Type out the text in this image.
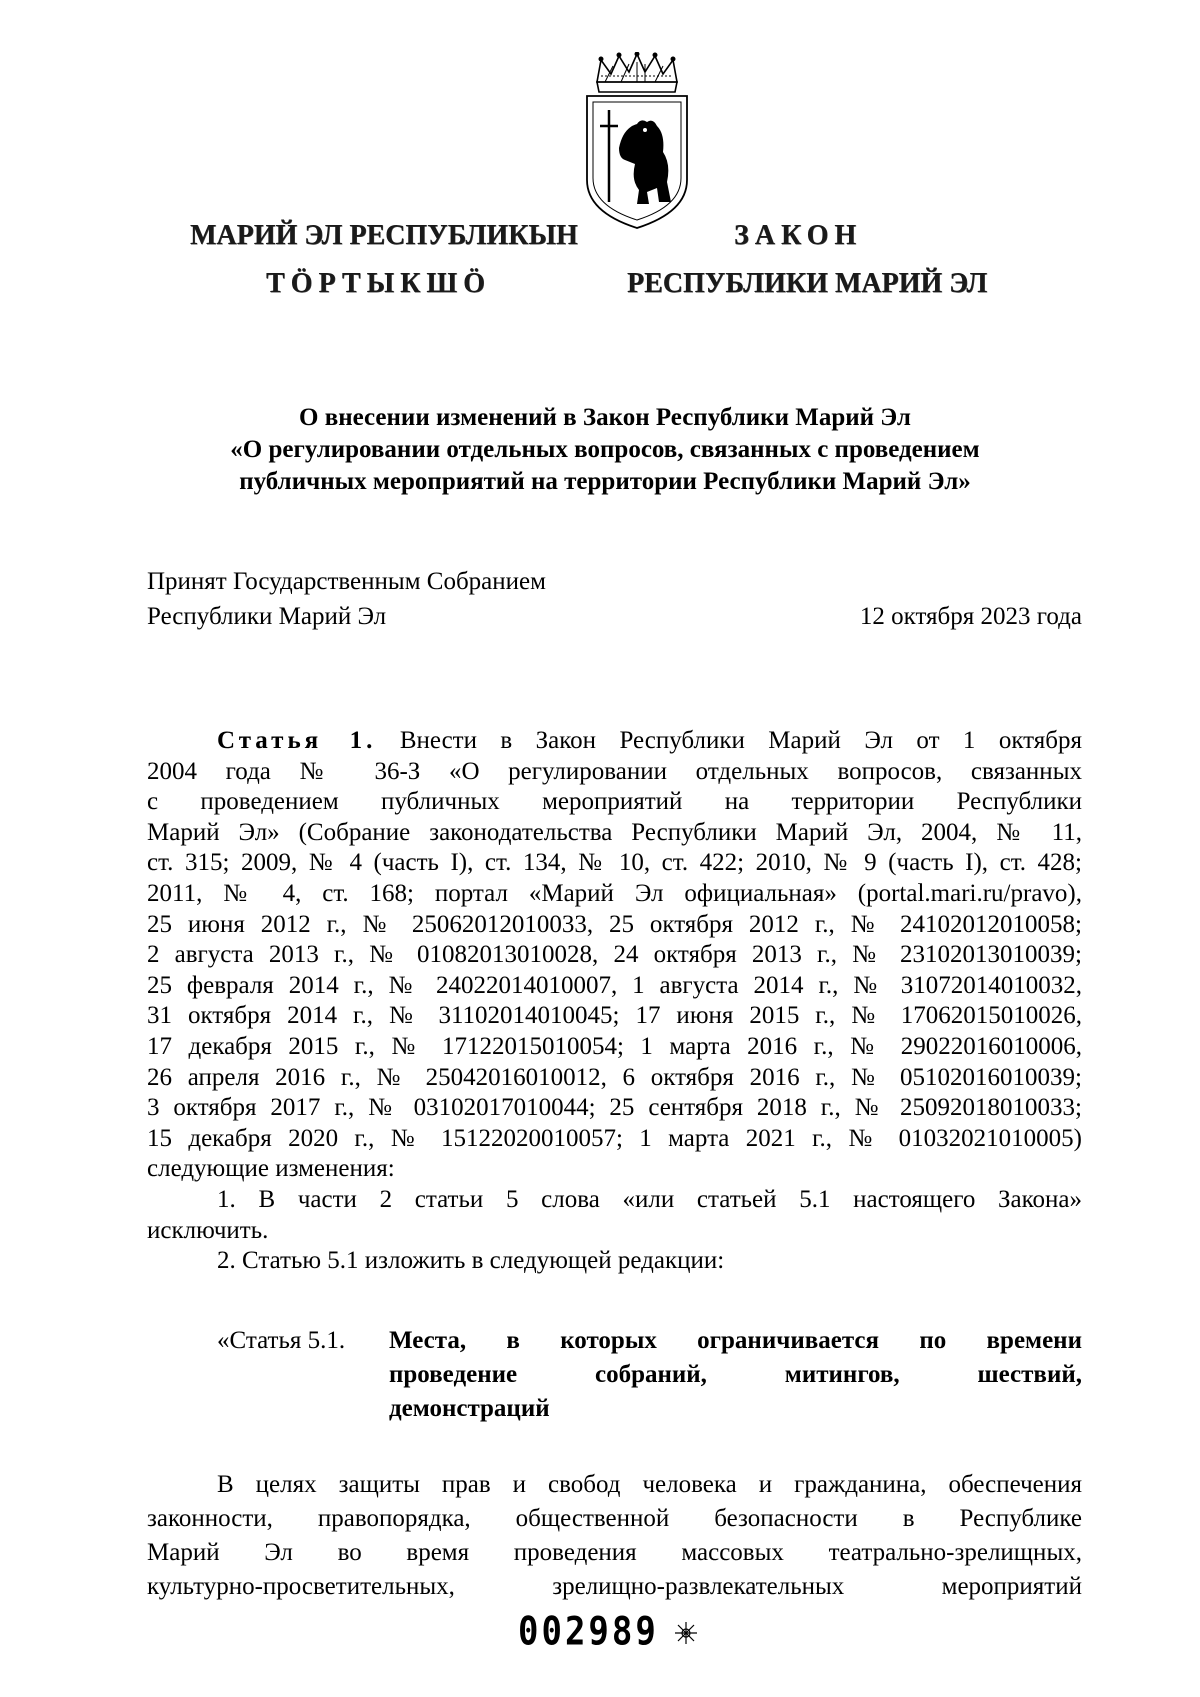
МАРИЙ ЭЛ РЕСПУБЛИКЫН
ТӦРТЫКШӦ
ЗАКОН
РЕСПУБЛИКИ МАРИЙ ЭЛ
О внесении изменений в Закон Республики Марий Эл
«О регулировании отдельных вопросов, связанных с проведением
публичных мероприятий на территории Республики Марий Эл»
Принят Государственным Собранием
Республики Марий Эл	12 октября 2023 года
Статья 1. Внести в Закон Республики Марий Эл от 1 октября
2004 года № 36-З «О регулировании отдельных вопросов, связанных
с проведением публичных мероприятий на территории Республики
Марий Эл» (Собрание законодательства Республики Марий Эл, 2004, № 11,
ст. 315; 2009, № 4 (часть I), ст. 134, № 10, ст. 422; 2010, № 9 (часть I), ст. 428;
2011, № 4, ст. 168; портал «Марий Эл официальная» (portal.mari.ru/pravo),
25 июня 2012 г., № 25062012010033, 25 октября 2012 г., № 24102012010058;
2 августа 2013 г., № 01082013010028, 24 октября 2013 г., № 23102013010039;
25 февраля 2014 г., № 24022014010007, 1 августа 2014 г., № 31072014010032,
31 октября 2014 г., № 31102014010045; 17 июня 2015 г., № 17062015010026,
17 декабря 2015 г., № 17122015010054; 1 марта 2016 г., № 29022016010006,
26 апреля 2016 г., № 25042016010012, 6 октября 2016 г., № 05102016010039;
3 октября 2017 г., № 03102017010044; 25 сентября 2018 г., № 25092018010033;
15 декабря 2020 г., № 15122020010057; 1 марта 2021 г., № 01032021010005)
следующие изменения:
1. В части 2 статьи 5 слова «или статьей 5.1 настоящего Закона»
исключить.
2. Статью 5.1 изложить в следующей редакции:
«Статья 5.1. Места, в которых ограничивается по времени
проведение собраний, митингов, шествий,
демонстраций
В целях защиты прав и свобод человека и гражданина, обеспечения
законности, правопорядка, общественной безопасности в Республике
Марий Эл во время проведения массовых театрально-зрелищных,
культурно-просветительных, зрелищно-развлекательных мероприятий
002989
